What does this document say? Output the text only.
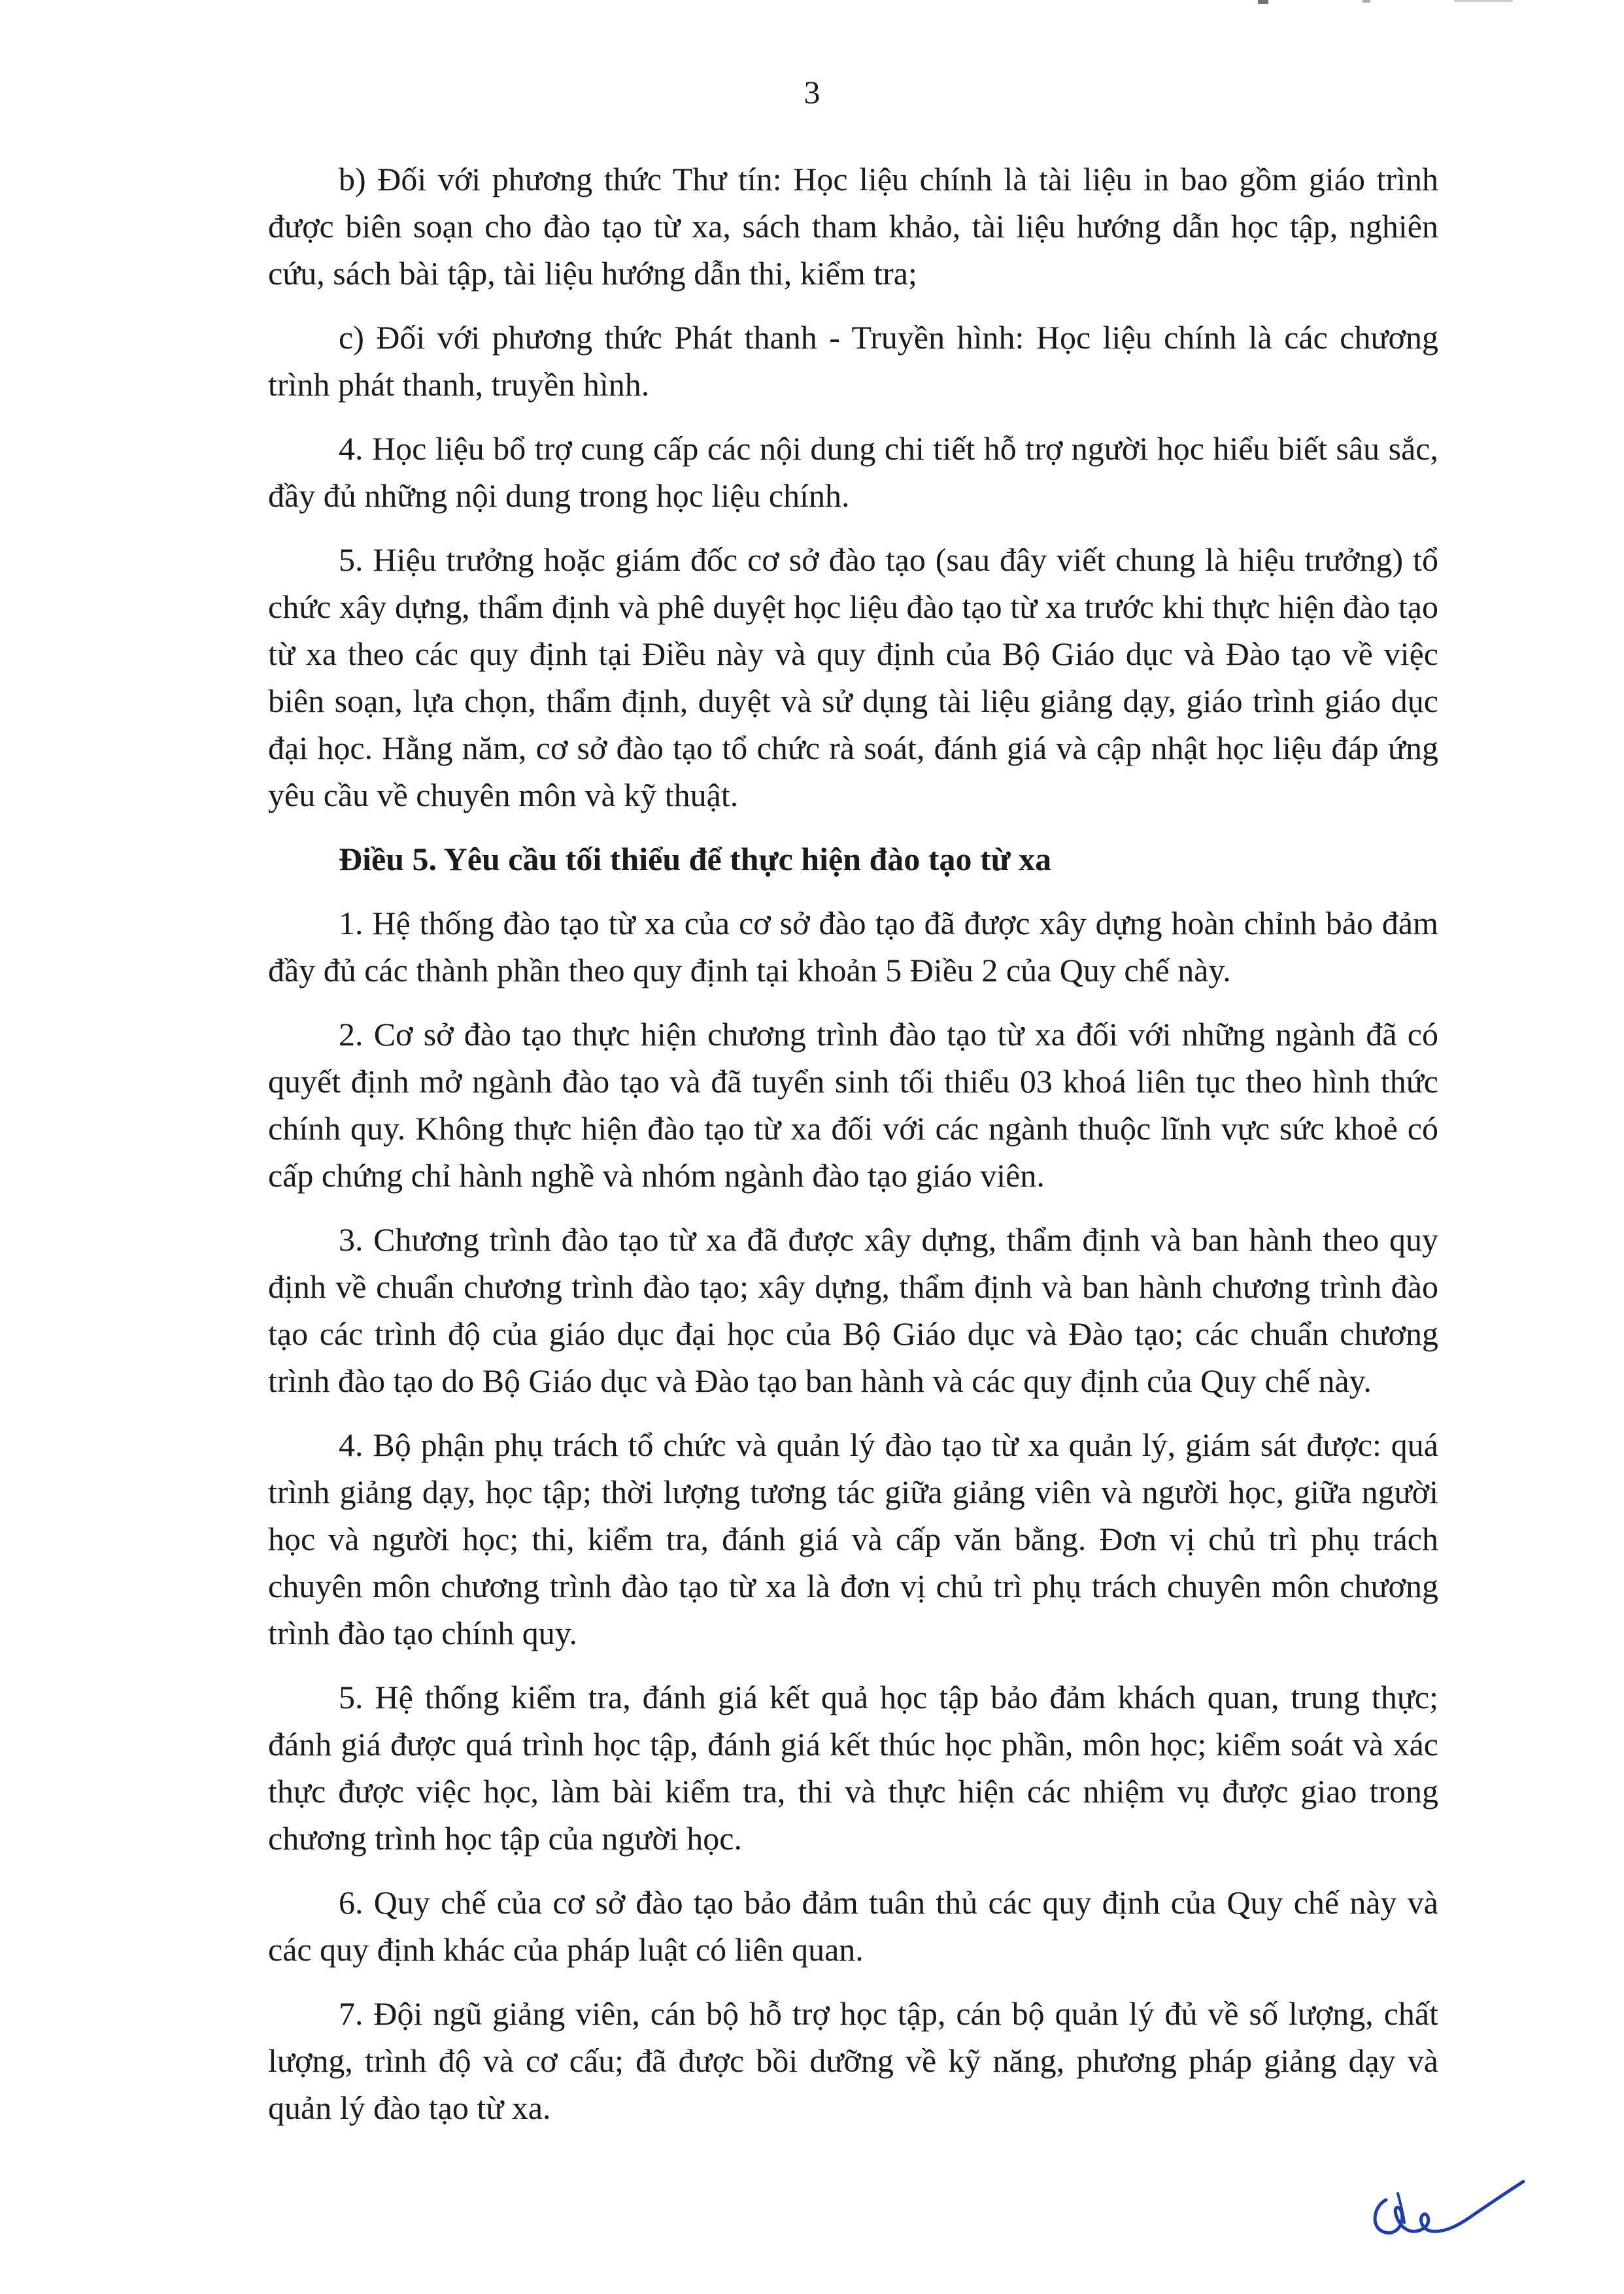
3

b) Đối với phương thức Thư tín: Học liệu chính là tài liệu in bao gồm giáo trình được biên soạn cho đào tạo từ xa, sách tham khảo, tài liệu hướng dẫn học tập, nghiên cứu, sách bài tập, tài liệu hướng dẫn thi, kiểm tra;

c) Đối với phương thức Phát thanh - Truyền hình: Học liệu chính là các chương trình phát thanh, truyền hình.

4. Học liệu bổ trợ cung cấp các nội dung chi tiết hỗ trợ người học hiểu biết sâu sắc, đầy đủ những nội dung trong học liệu chính.

5. Hiệu trưởng hoặc giám đốc cơ sở đào tạo (sau đây viết chung là hiệu trưởng) tổ chức xây dựng, thẩm định và phê duyệt học liệu đào tạo từ xa trước khi thực hiện đào tạo từ xa theo các quy định tại Điều này và quy định của Bộ Giáo dục và Đào tạo về việc biên soạn, lựa chọn, thẩm định, duyệt và sử dụng tài liệu giảng dạy, giáo trình giáo dục đại học. Hằng năm, cơ sở đào tạo tổ chức rà soát, đánh giá và cập nhật học liệu đáp ứng yêu cầu về chuyên môn và kỹ thuật.

Điều 5. Yêu cầu tối thiểu để thực hiện đào tạo từ xa

1. Hệ thống đào tạo từ xa của cơ sở đào tạo đã được xây dựng hoàn chỉnh bảo đảm đầy đủ các thành phần theo quy định tại khoản 5 Điều 2 của Quy chế này.

2. Cơ sở đào tạo thực hiện chương trình đào tạo từ xa đối với những ngành đã có quyết định mở ngành đào tạo và đã tuyển sinh tối thiểu 03 khoá liên tục theo hình thức chính quy. Không thực hiện đào tạo từ xa đối với các ngành thuộc lĩnh vực sức khoẻ có cấp chứng chỉ hành nghề và nhóm ngành đào tạo giáo viên.

3. Chương trình đào tạo từ xa đã được xây dựng, thẩm định và ban hành theo quy định về chuẩn chương trình đào tạo; xây dựng, thẩm định và ban hành chương trình đào tạo các trình độ của giáo dục đại học của Bộ Giáo dục và Đào tạo; các chuẩn chương trình đào tạo do Bộ Giáo dục và Đào tạo ban hành và các quy định của Quy chế này.

4. Bộ phận phụ trách tổ chức và quản lý đào tạo từ xa quản lý, giám sát được: quá trình giảng dạy, học tập; thời lượng tương tác giữa giảng viên và người học, giữa người học và người học; thi, kiểm tra, đánh giá và cấp văn bằng. Đơn vị chủ trì phụ trách chuyên môn chương trình đào tạo từ xa là đơn vị chủ trì phụ trách chuyên môn chương trình đào tạo chính quy.

5. Hệ thống kiểm tra, đánh giá kết quả học tập bảo đảm khách quan, trung thực; đánh giá được quá trình học tập, đánh giá kết thúc học phần, môn học; kiểm soát và xác thực được việc học, làm bài kiểm tra, thi và thực hiện các nhiệm vụ được giao trong chương trình học tập của người học.

6. Quy chế của cơ sở đào tạo bảo đảm tuân thủ các quy định của Quy chế này và các quy định khác của pháp luật có liên quan.

7. Đội ngũ giảng viên, cán bộ hỗ trợ học tập, cán bộ quản lý đủ về số lượng, chất lượng, trình độ và cơ cấu; đã được bồi dưỡng về kỹ năng, phương pháp giảng dạy và quản lý đào tạo từ xa.
